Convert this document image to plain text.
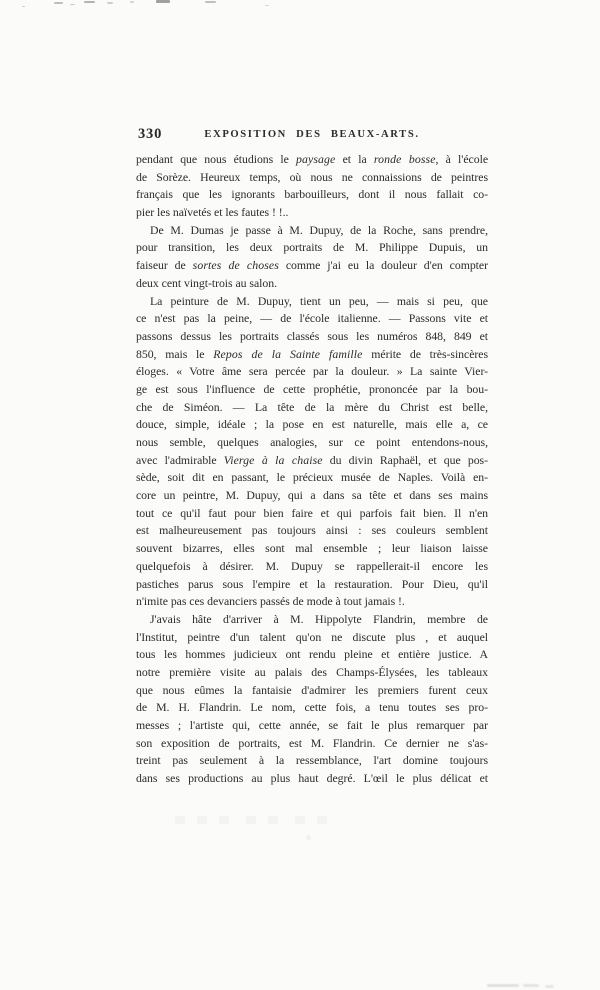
330	EXPOSITION DES BEAUX-ARTS.
pendant que nous étudions le paysage et la ronde bosse, à l'école
de Sorèze. Heureux temps, où nous ne connaissions de peintres
français que les ignorants barbouilleurs, dont il nous fallait co-
pier les naïvetés et les fautes ! !..
De M. Dumas je passe à M. Dupuy, de la Roche, sans prendre,
pour transition, les deux portraits de M. Philippe Dupuis, un
faiseur de sortes de choses comme j'ai eu la douleur d'en compter
deux cent vingt-trois au salon.
La peinture de M. Dupuy, tient un peu, — mais si peu, que
ce n'est pas la peine, — de l'école italienne. — Passons vite et
passons dessus les portraits classés sous les numéros 848, 849 et
850, mais le Repos de la Sainte famille mérite de très-sincères
éloges. « Votre âme sera percée par la douleur. » La sainte Vier-
ge est sous l'influence de cette prophétie, prononcée par la bou-
che de Siméon. — La tête de la mère du Christ est belle,
douce, simple, idéale ; la pose en est naturelle, mais elle a, ce
nous semble, quelques analogies, sur ce point entendons-nous,
avec l'admirable Vierge à la chaise du divin Raphaël, et que pos-
sède, soit dit en passant, le précieux musée de Naples. Voilà en-
core un peintre, M. Dupuy, qui a dans sa tête et dans ses mains
tout ce qu'il faut pour bien faire et qui parfois fait bien. Il n'en
est malheureusement pas toujours ainsi : ses couleurs semblent
souvent bizarres, elles sont mal ensemble ; leur liaison laisse
quelquefois à désirer. M. Dupuy se rappellerait-il encore les
pastiches parus sous l'empire et la restauration. Pour Dieu, qu'il
n'imite pas ces devanciers passés de mode à tout jamais !.
J'avais hâte d'arriver à M. Hippolyte Flandrin, membre de
l'Institut, peintre d'un talent qu'on ne discute plus , et auquel
tous les hommes judicieux ont rendu pleine et entière justice. A
notre première visite au palais des Champs-Élysées, les tableaux
que nous eûmes la fantaisie d'admirer les premiers furent ceux
de M. H. Flandrin. Le nom, cette fois, a tenu toutes ses pro-
messes ; l'artiste qui, cette année, se fait le plus remarquer par
son exposition de portraits, est M. Flandrin. Ce dernier ne s'as-
treint pas seulement à la ressemblance, l'art domine toujours
dans ses productions au plus haut degré. L'œil le plus délicat et
